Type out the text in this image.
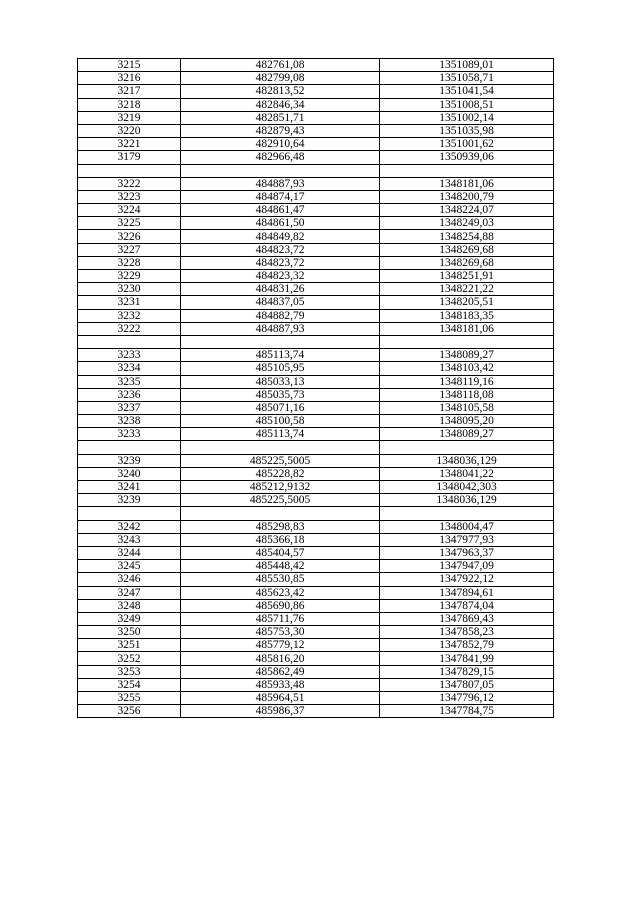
3215	482761,08	1351089,01
3216	482799,08	1351058,71
3217	482813,52	1351041,54
3218	482846,34	1351008,51
3219	482851,71	1351002,14
3220	482879,43	1351035,98
3221	482910,64	1351001,62
3179	482966,48	1350939,06

3222	484887,93	1348181,06
3223	484874,17	1348200,79
3224	484861,47	1348224,07
3225	484861,50	1348249,03
3226	484849,82	1348254,88
3227	484823,72	1348269,68
3228	484823,72	1348269,68
3229	484823,32	1348251,91
3230	484831,26	1348221,22
3231	484837,05	1348205,51
3232	484882,79	1348183,35
3222	484887,93	1348181,06

3233	485113,74	1348089,27
3234	485105,95	1348103,42
3235	485033,13	1348119,16
3236	485035,73	1348118,08
3237	485071,16	1348105,58
3238	485100,58	1348095,20
3233	485113,74	1348089,27

3239	485225,5005	1348036,129
3240	485228,82	1348041,22
3241	485212,9132	1348042,303
3239	485225,5005	1348036,129

3242	485298,83	1348004,47
3243	485366,18	1347977,93
3244	485404,57	1347963,37
3245	485448,42	1347947,09
3246	485530,85	1347922,12
3247	485623,42	1347894,61
3248	485690,86	1347874,04
3249	485711,76	1347869,43
3250	485753,30	1347858,23
3251	485779,12	1347852,79
3252	485816,20	1347841,99
3253	485862,49	1347829,15
3254	485933,48	1347807,05
3255	485964,51	1347796,12
3256	485986,37	1347784,75
